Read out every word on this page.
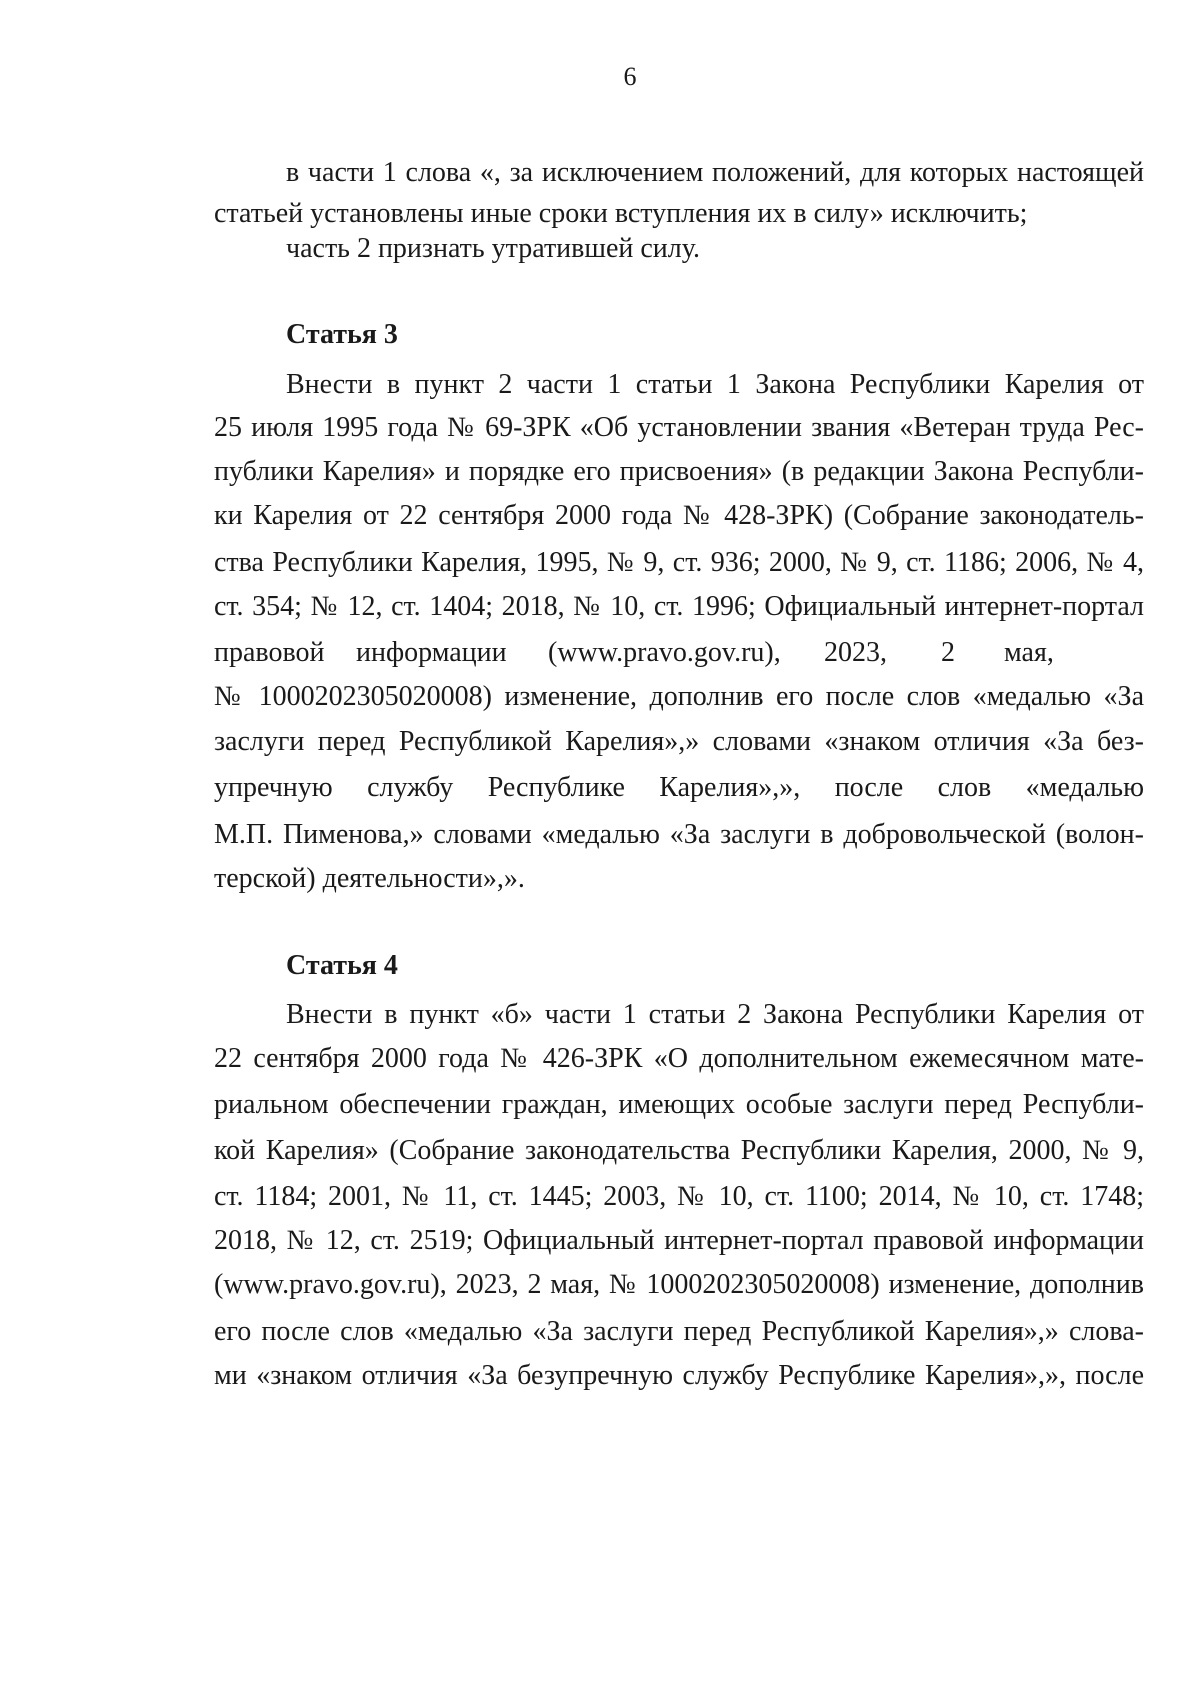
6
в части 1 слова «, за исключением положений, для которых настоящей
статьей установлены иные сроки вступления их в силу» исключить;
часть 2 признать утратившей силу.
Статья 3
Внести в пункт 2 части 1 статьи 1 Закона Республики Карелия от
25 июля 1995 года № 69-ЗРК «Об установлении звания «Ветеран труда Рес-
публики Карелия» и порядке его присвоения» (в редакции Закона Республи-
ки Карелия от 22 сентября 2000 года № 428-ЗРК) (Собрание законодатель-
ства Республики Карелия, 1995, № 9, ст. 936; 2000, № 9, ст. 1186; 2006, № 4,
ст. 354; № 12, ст. 1404; 2018, № 10, ст. 1996; Официальный интернет-портал
правовой информации (www.pravo.gov.ru), 2023, 2 мая,
№ 1000202305020008) изменение, дополнив его после слов «медалью «За
заслуги перед Республикой Карелия»,» словами «знаком отличия «За без-
упречную службу Республике Карелия»,», после слов «медалью
М.П. Пименова,» словами «медалью «За заслуги в добровольческой (волон-
терской) деятельности»,».
Статья 4
Внести в пункт «б» части 1 статьи 2 Закона Республики Карелия от
22 сентября 2000 года № 426-ЗРК «О дополнительном ежемесячном мате-
риальном обеспечении граждан, имеющих особые заслуги перед Республи-
кой Карелия» (Собрание законодательства Республики Карелия, 2000, № 9,
ст. 1184; 2001, № 11, ст. 1445; 2003, № 10, ст. 1100; 2014, № 10, ст. 1748;
2018, № 12, ст. 2519; Официальный интернет-портал правовой информации
(www.pravo.gov.ru), 2023, 2 мая, № 1000202305020008) изменение, дополнив
его после слов «медалью «За заслуги перед Республикой Карелия»,» слова-
ми «знаком отличия «За безупречную службу Республике Карелия»,», после
